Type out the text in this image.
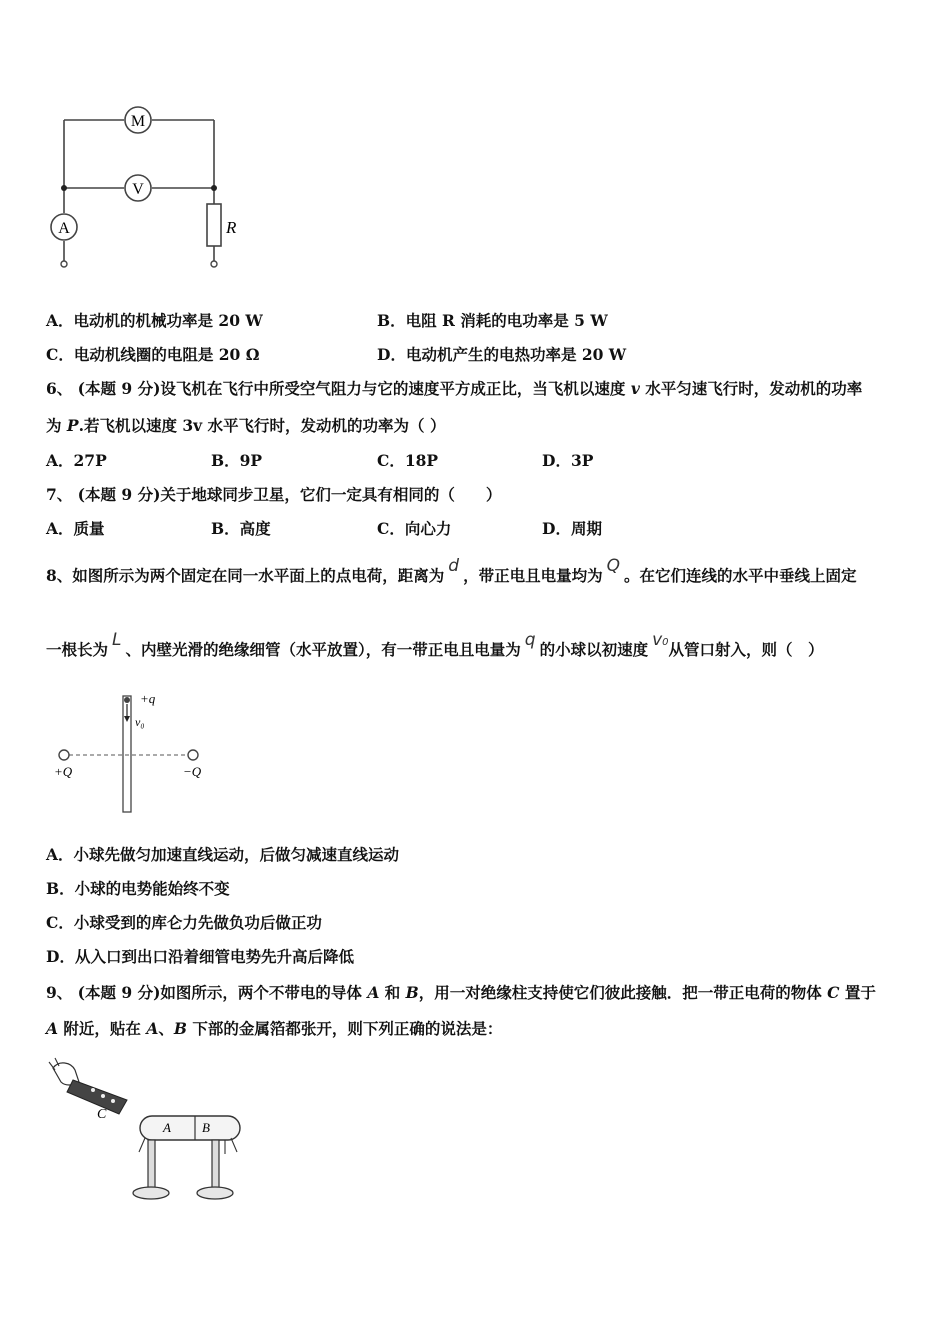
M
V
A	R
A．电动机的机械功率是 20 W	B．电阻 R 消耗的电功率是 5 W
C．电动机线圈的电阻是 20 Ω	D．电动机产生的电热功率是 20 W
6、 (本题 9 分)设飞机在飞行中所受空气阻力与它的速度平方成正比，当飞机以速度 v 水平匀速飞行时，发动机的功率
为 P.若飞机以速度 3v 水平飞行时，发动机的功率为（ ）
A．27P	B．9P	C．18P	D．3P
7、 (本题 9 分)关于地球同步卫星，它们一定具有相同的（　　）
A．质量	B．高度	C．向心力	D．周期
8、如图所示为两个固定在同一水平面上的点电荷，距离为 d ，带正电且电量均为 Q 。在它们连线的水平中垂线上固定
一根长为 L 、内壁光滑的绝缘细管（水平放置），有一带正电且电量为 q 的小球以初速度 v0从管口射入，则（　）
+q
v₀
+Q	−Q
A．小球先做匀加速直线运动，后做匀减速直线运动
B．小球的电势能始终不变
C．小球受到的库仑力先做负功后做正功
D．从入口到出口沿着细管电势先升高后降低
9、 (本题 9 分)如图所示，两个不带电的导体 A 和 B，用一对绝缘柱支持使它们彼此接触．把一带正电荷的物体 C 置于
A 附近，贴在 A、B 下部的金属箔都张开，则下列正确的说法是：
C
A B
